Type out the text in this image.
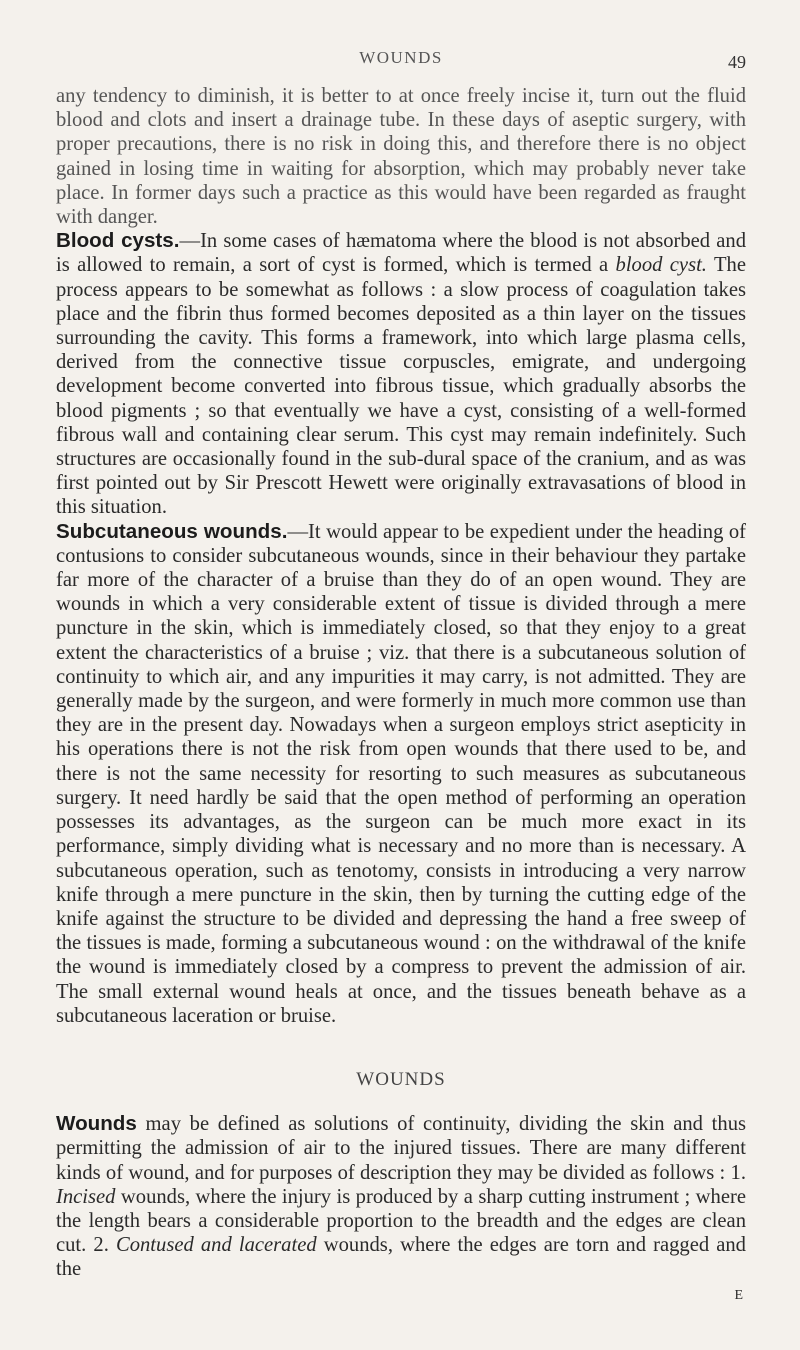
WOUNDS	49

any tendency to diminish, it is better to at once freely incise it, turn out the fluid blood and clots and insert a drainage tube. In these days of aseptic surgery, with proper precautions, there is no risk in doing this, and therefore there is no object gained in losing time in waiting for absorption, which may probably never take place. In former days such a practice as this would have been regarded as fraught with danger.

Blood cysts.—In some cases of hæmatoma where the blood is not absorbed and is allowed to remain, a sort of cyst is formed, which is termed a blood cyst. The process appears to be somewhat as follows : a slow process of coagulation takes place and the fibrin thus formed becomes deposited as a thin layer on the tissues surrounding the cavity. This forms a framework, into which large plasma cells, derived from the connective tissue corpuscles, emigrate, and undergoing development become converted into fibrous tissue, which gradually absorbs the blood pigments ; so that eventually we have a cyst, consisting of a well-formed fibrous wall and containing clear serum. This cyst may remain indefinitely. Such structures are occasionally found in the sub-dural space of the cranium, and as was first pointed out by Sir Prescott Hewett were originally extravasations of blood in this situation.

Subcutaneous wounds.—It would appear to be expedient under the heading of contusions to consider subcutaneous wounds, since in their behaviour they partake far more of the character of a bruise than they do of an open wound. They are wounds in which a very considerable extent of tissue is divided through a mere puncture in the skin, which is immediately closed, so that they enjoy to a great extent the characteristics of a bruise ; viz. that there is a subcutaneous solution of continuity to which air, and any impurities it may carry, is not admitted. They are generally made by the surgeon, and were formerly in much more common use than they are in the present day. Nowadays when a surgeon employs strict asepticity in his operations there is not the risk from open wounds that there used to be, and there is not the same necessity for resorting to such measures as subcutaneous surgery. It need hardly be said that the open method of performing an operation possesses its advantages, as the surgeon can be much more exact in its performance, simply dividing what is necessary and no more than is necessary. A subcutaneous operation, such as tenotomy, consists in introducing a very narrow knife through a mere puncture in the skin, then by turning the cutting edge of the knife against the structure to be divided and depressing the hand a free sweep of the tissues is made, forming a subcutaneous wound : on the withdrawal of the knife the wound is immediately closed by a compress to prevent the admission of air. The small external wound heals at once, and the tissues beneath behave as a subcutaneous laceration or bruise.

WOUNDS

Wounds may be defined as solutions of continuity, dividing the skin and thus permitting the admission of air to the injured tissues. There are many different kinds of wound, and for purposes of description they may be divided as follows : 1. Incised wounds, where the injury is produced by a sharp cutting instrument ; where the length bears a considerable proportion to the breadth and the edges are clean cut. 2. Contused and lacerated wounds, where the edges are torn and ragged and the

E
